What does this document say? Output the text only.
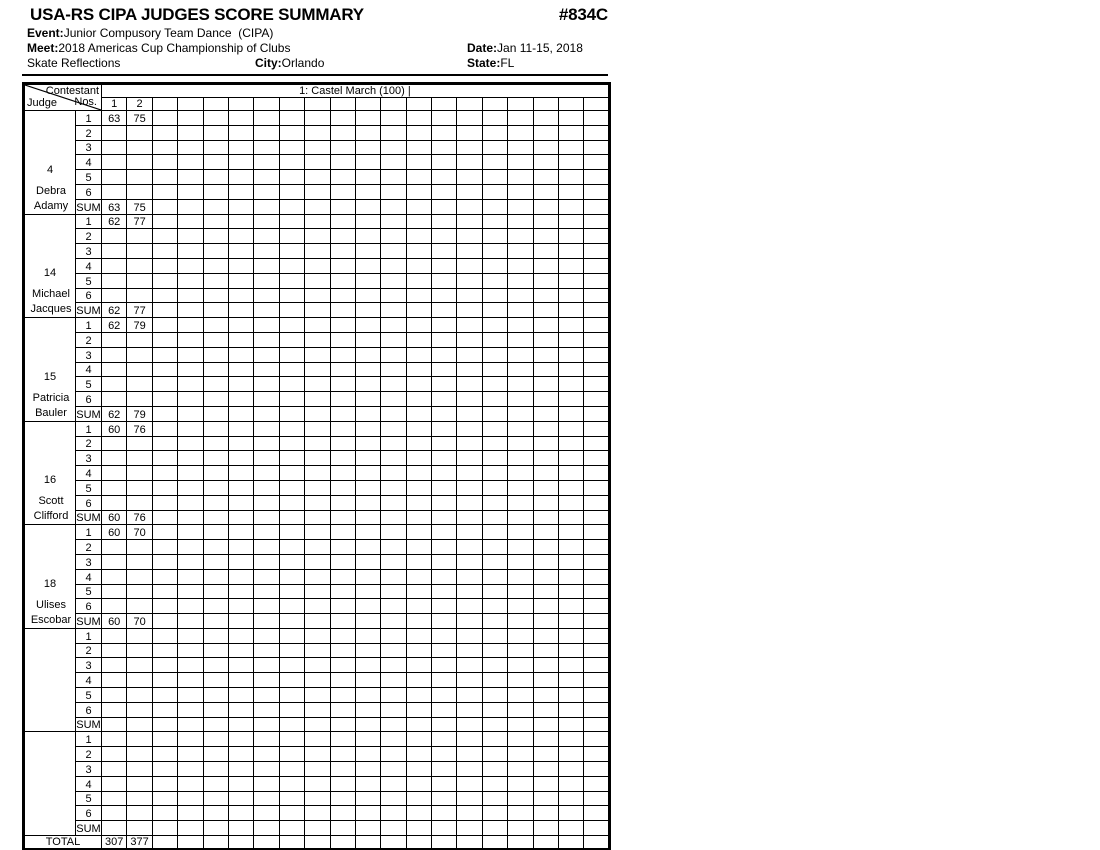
USA-RS CIPA JUDGES SCORE SUMMARY	#834C
Event:Junior Compusory Team Dance  (CIPA)
Meet:2018 Americas Cup Championship of Clubs	Date:Jan 11-15, 2018
Skate Reflections	City:Orlando	State:FL
Contestant
Nos.
Judge		1: Castel March (100) |																			
		1	2																		

4
Debra
Adamy	1	63	75																		
	2																				
	3																				
	4																				
	5																				
	6																				
	SUM	63	75																		

14
Michael
Jacques	1	62	77																		
	2																				
	3																				
	4																				
	5																				
	6																				
	SUM	62	77																		

15
Patricia
Bauler	1	62	79																		
	2																				
	3																				
	4																				
	5																				
	6																				
	SUM	62	79																		

16
Scott
Clifford	1	60	76																		
	2																				
	3																				
	4																				
	5																				
	6																				
	SUM	60	76																		

18
Ulises
Escobar	1	60	70																		
	2																				
	3																				
	4																				
	5																				
	6																				
	SUM	60	70																		
	1																				
	2																				
	3																				
	4																				
	5																				
	6																				
	SUM																				
	1																				
	2																				
	3																				
	4																				
	5																				
	6																				
	SUM																				
TOTAL		307	377																		
